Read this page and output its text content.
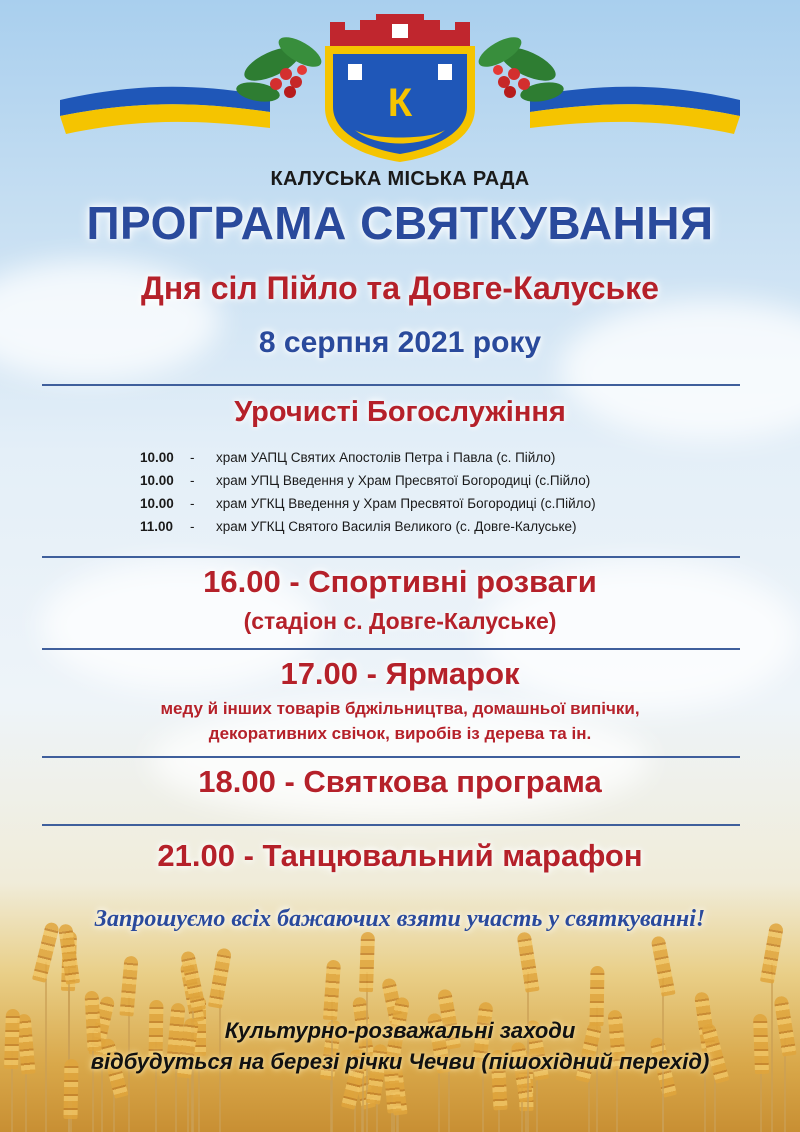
К
КАЛУСЬКА МІСЬКА РАДА
ПРОГРАМА СВЯТКУВАННЯ
Дня сіл Пійло та Довге-Калуське
8 серпня 2021 року
Урочисті Богослужіння
10.00 - храм УАПЦ Святих Апостолів Петра і Павла (с. Пійло)
10.00 - храм УПЦ Введення у Храм Пресвятої Богородиці (с.Пійло)
10.00 - храм УГКЦ Введення у Храм Пресвятої Богородиці (с.Пійло)
11.00 - храм УГКЦ Святого Василія Великого (с. Довге-Калуське)
16.00 - Спортивні розваги
(стадіон с. Довге-Калуське)
17.00 - Ярмарок
меду й інших товарів бджільництва, домашньої випічки,
декоративних свічок, виробів із дерева та ін.
18.00 - Святкова програма
21.00 - Танцювальний марафон
Запрошуємо всіх бажаючих взяти участь у святкуванні!
Культурно-розважальні заходи
відбудуться на березі річки Чечви (пішохідний перехід)
